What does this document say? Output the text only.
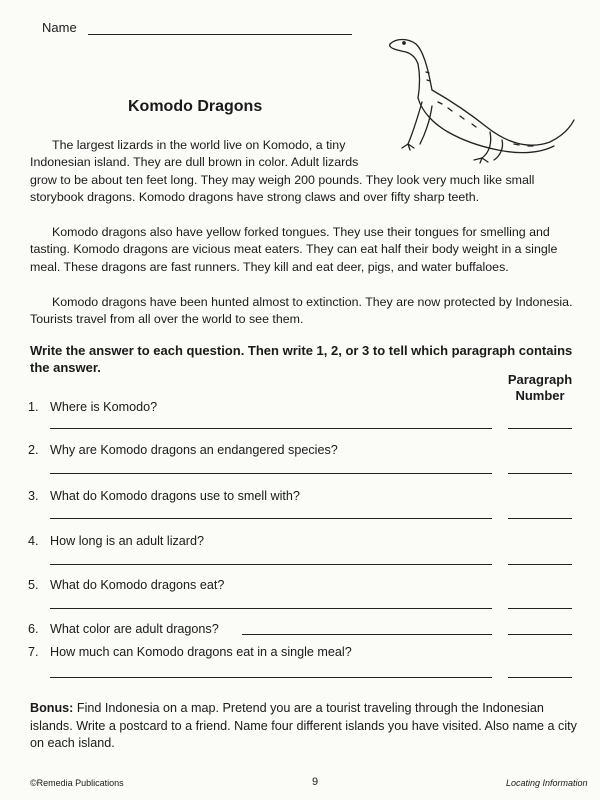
Name
Komodo Dragons

The largest lizards in the world live on Komodo, a tiny Indonesian island. They are dull brown in color. Adult lizards

grow to be about ten feet long. They may weigh 200 pounds. They look very much like small storybook dragons. Komodo dragons have strong claws and over fifty sharp teeth.

Komodo dragons also have yellow forked tongues. They use their tongues for smelling and tasting. Komodo dragons are vicious meat eaters. They can eat half their body weight in a single meal. These dragons are fast runners. They kill and eat deer, pigs, and water buffaloes.

Komodo dragons have been hunted almost to extinction. They are now protected by Indonesia. Tourists travel from all over the world to see them.

Write the answer to each question. Then write 1, 2, or 3 to tell which paragraph contains the answer.
Paragraph Number
1. Where is Komodo?
2. Why are Komodo dragons an endangered species?
3. What do Komodo dragons use to smell with?
4. How long is an adult lizard?
5. What do Komodo dragons eat?
6. What color are adult dragons?
7. How much can Komodo dragons eat in a single meal?
Bonus: Find Indonesia on a map. Pretend you are a tourist traveling through the Indonesian islands. Write a postcard to a friend. Name four different islands you have visited. Also name a city on each island.
©Remedia Publications	9	Locating Information
